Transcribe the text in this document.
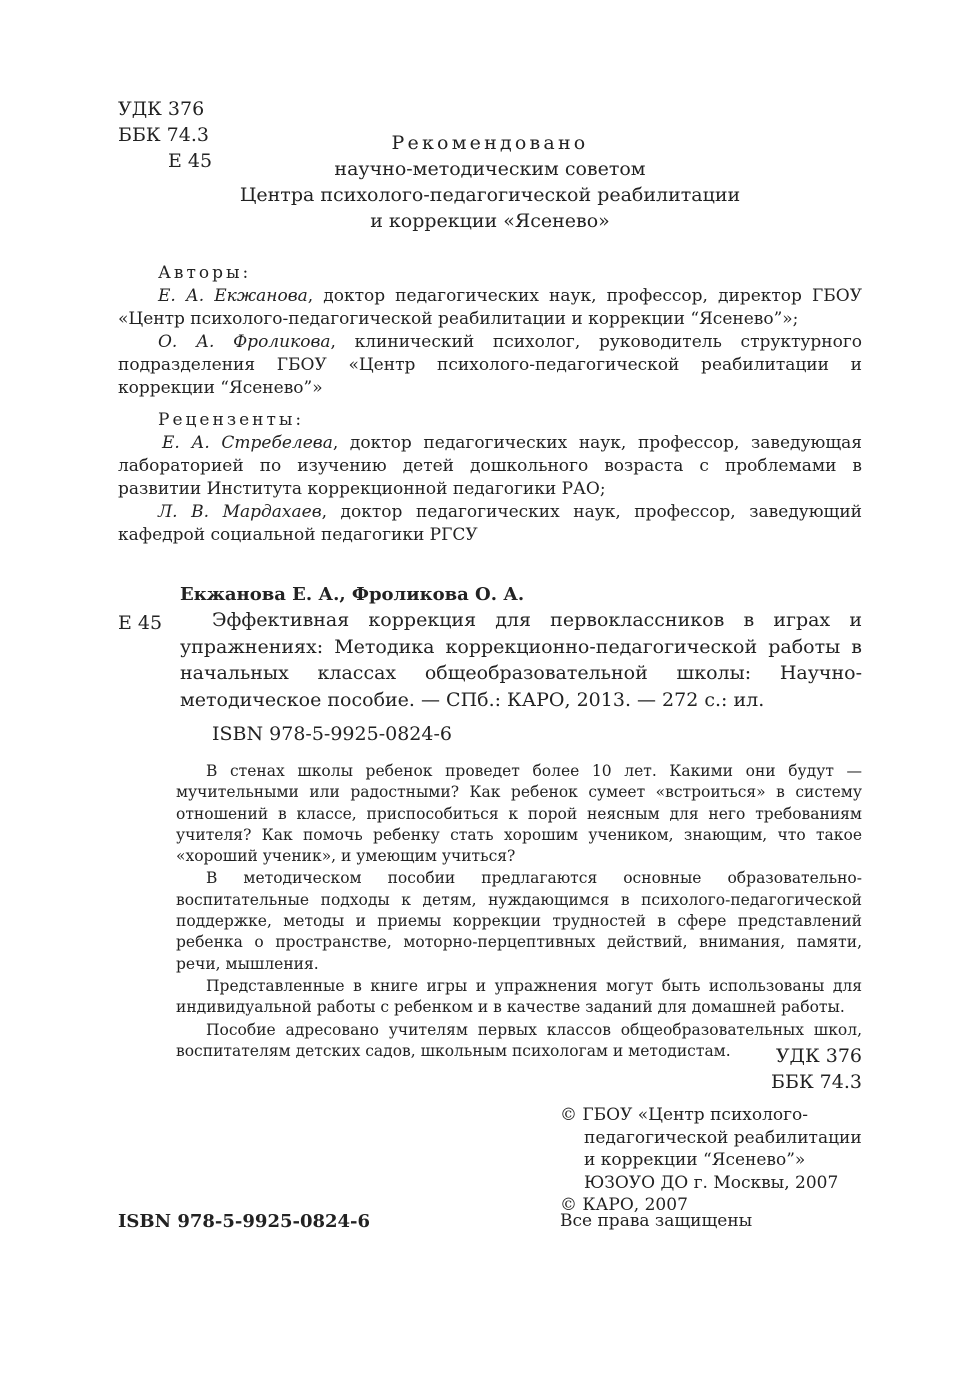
УДК 376
ББК 74.3
Е 45
Рекомендовано
научно-методическим советом
Центра психолого-педагогической реабилитации
и коррекции «Ясенево»
Авторы:
Е. А. Екжанова, доктор педагогических наук, профессор, директор ГБОУ «Центр психолого-педагогической реабилитации и коррекции “Ясенево”»;
О. А. Фроликова, клинический психолог, руководитель структурного подразделения ГБОУ «Центр психолого-педагогической реабилитации и коррекции “Ясенево”»
Рецензенты:
Е. А. Стребелева, доктор педагогических наук, профессор, заведующая лабораторией по изучению детей дошкольного возраста с проблемами в развитии Института коррекционной педагогики РАО;
Л. В. Мардахаев, доктор педагогических наук, профессор, заведующий кафедрой социальной педагогики РГСУ
Екжанова Е. А., Фроликова О. А.
Е 45	Эффективная коррекция для первоклассников в играх и упражнениях: Методика коррекционно-педагогической работы в начальных классах общеобразовательной школы: Научно-методическое пособие. — СПб.: КАРО, 2013. — 272 с.: ил.

ISBN 978-5-9925-0824-6

В стенах школы ребенок проведет более 10 лет. Какими они будут — мучительными или радостными? Как ребенок сумеет «встроиться» в систему отношений в классе, приспособиться к порой неясным для него требованиям учителя? Как помочь ребенку стать хорошим учеником, знающим, что такое «хороший ученик», и умеющим учиться?

В методическом пособии предлагаются основные образовательно-воспитательные подходы к детям, нуждающимся в психолого-педагогической поддержке, методы и приемы коррекции трудностей в сфере представлений ребенка о пространстве, моторно-перцептивных действий, внимания, памяти, речи, мышления.

Представленные в книге игры и упражнения могут быть использованы для индивидуальной работы с ребенком и в качестве заданий для домашней работы.

Пособие адресовано учителям первых классов общеобразовательных школ, воспитателям детских садов, школьным психологам и методистам.	УДК 376
ББК 74.3
© ГБОУ «Центр психолого-
педагогической реабилитации
и коррекции “Ясенево”»
ЮЗОУО ДО г. Москвы, 2007
© КАРО, 2007
ISBN 978-5-9925-0824-6	Все права защищены
